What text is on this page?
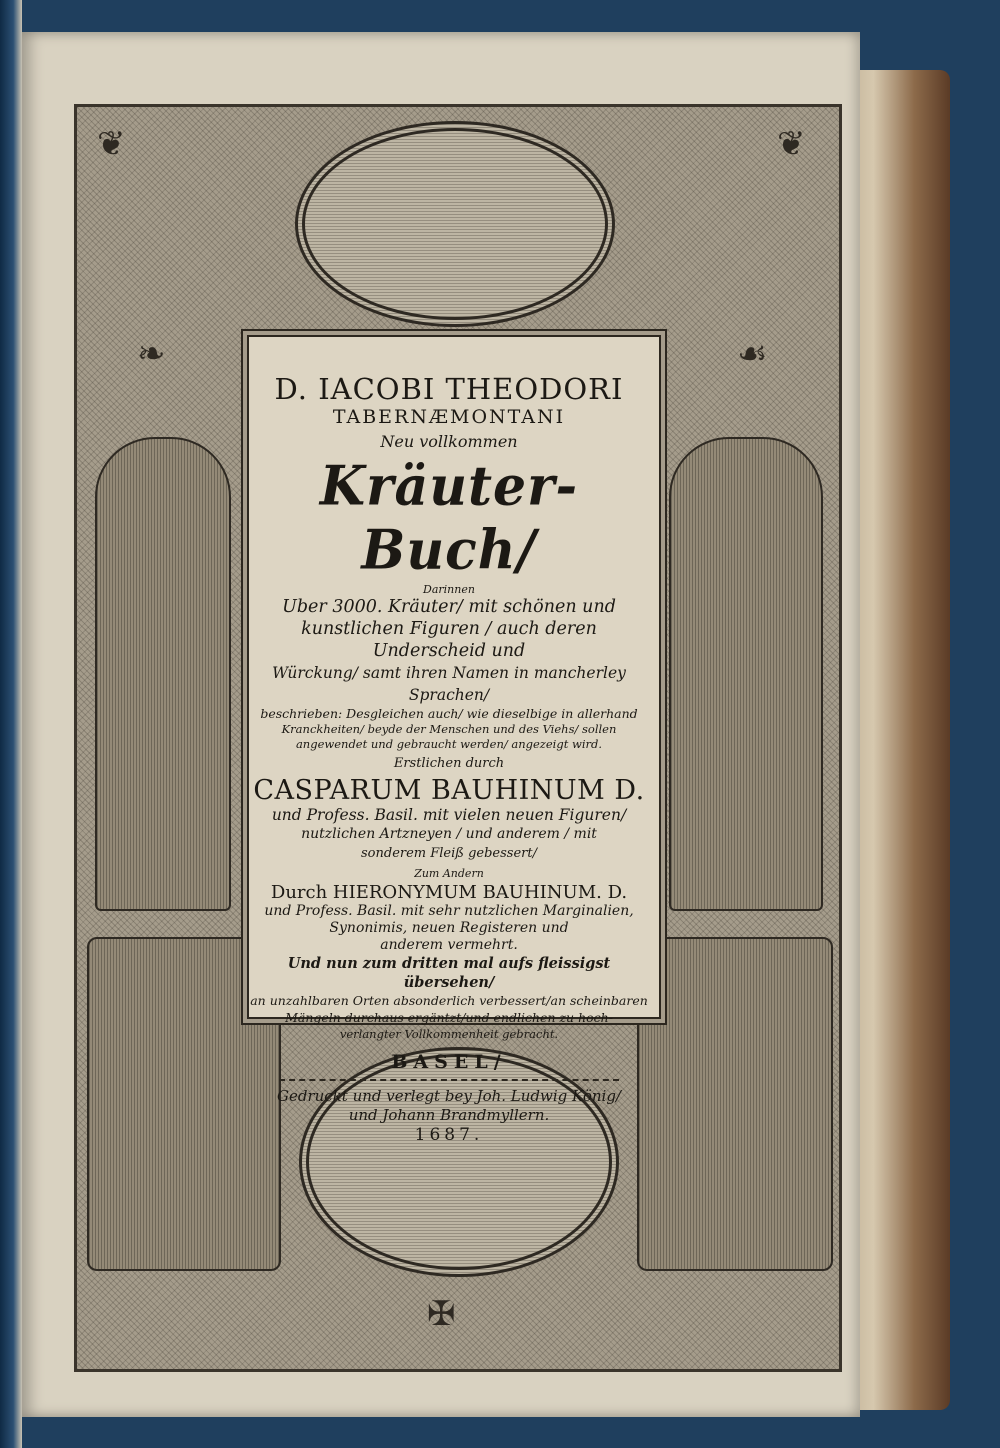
❦	❦
❧	☙
✠
D. IACOBI THEODORI
TABERNÆMONTANI
Neu vollkommen
Kräuter-Buch/
Darinnen
Uber 3000. Kräuter/ mit schönen und
kunstlichen Figuren / auch deren Underscheid und
Würckung/ samt ihren Namen in mancherley Sprachen/
beschrieben: Desgleichen auch/ wie dieselbige in allerhand
Kranckheiten/ beyde der Menschen und des Viehs/ sollen
angewendet und gebraucht werden/ angezeigt wird.
Erstlichen durch
CASPARUM BAUHINUM D.
und Profess. Basil. mit vielen neuen Figuren/
nutzlichen Artzneyen / und anderem / mit
sonderem Fleiß gebessert/
Zum Andern
Durch HIERONYMUM BAUHINUM. D.
und Profess. Basil. mit sehr nutzlichen Marginalien,
Synonimis, neuen Registeren und
anderem vermehrt.
Und nun zum dritten mal aufs fleissigst übersehen/
an unzahlbaren Orten absonderlich verbessert/an scheinbaren
Mängeln durchaus ergäntzt/und endlichen zu hoch-
verlangter Vollkommenheit gebracht.
BASEL/
Gedruckt und verlegt bey Joh. Ludwig König/
und Johann Brandmyllern.
1687.
